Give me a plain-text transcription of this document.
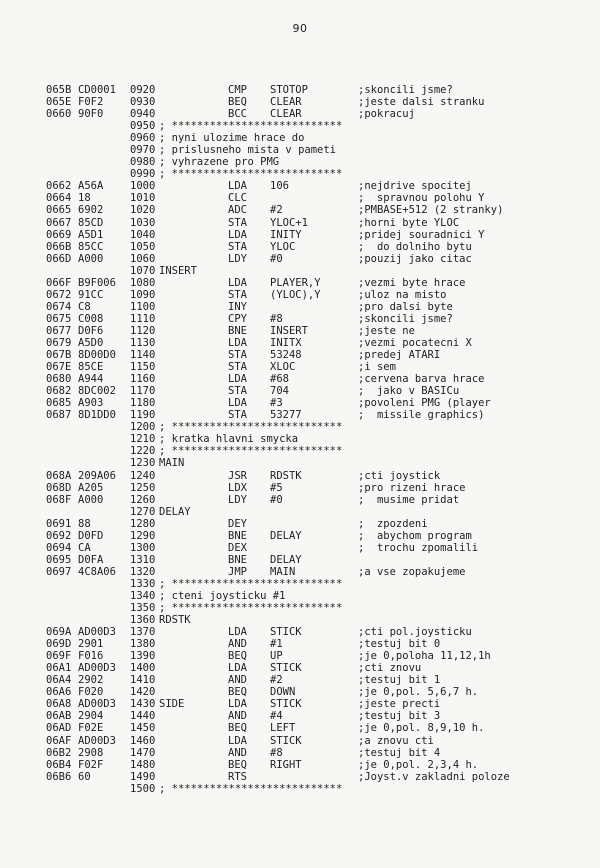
90
065B CD0001 0920	CMP STOTOP	;skoncili jsme?
065E F0F2	0930	BEQ CLEAR	;jeste dalsi stranku
0660 90F0	0940	BCC CLEAR	;pokracuj
0950 ; ***************************
0960 ; nyni ulozime hrace do
0970 ; prislusneho mista v pameti
0980 ; vyhrazene pro PMG
0990 ; ***************************
0662 A56A	1000	LDA 106	;nejdrive spocitej
0664 18	1010	CLC	;  spravnou polohu Y
0665 6902	1020	ADC #2	;PMBASE+512 (2 stranky)
0667 85CD	1030	STA YLOC+1	;horni byte YLOC
0669 A5D1	1040	LDA INITY	;pridej souradnici Y
066B 85CC	1050	STA YLOC	;  do dolniho bytu
066D A000	1060	LDY #0	;pouzij jako citac
1070 INSERT
066F B9F006 1080	LDA PLAYER,Y	;vezmi byte hrace
0672 91CC	1090	STA (YLOC),Y	;uloz na misto
0674 C8	1100	INY	;pro dalsi byte
0675 C008	1110	CPY #8	;skoncili jsme?
0677 D0F6	1120	BNE INSERT	;jeste ne
0679 A5D0	1130	LDA INITX	;vezmi pocatecni X
067B 8D00D0 1140	STA 53248	;predej ATARI
067E 85CE	1150	STA XLOC	;i sem
0680 A944	1160	LDA #68	;cervena barva hrace
0682 8DC002 1170	STA 704	;  jako v BASICu
0685 A903	1180	LDA #3	;povoleni PMG (player
0687 8D1DD0 1190	STA 53277	;  missile graphics)
1200 ; ***************************
1210 ; kratka hlavni smycka
1220 ; ***************************
1230 MAIN
068A 209A06 1240	JSR RDSTK	;cti joystick
068D A205	1250	LDX #5	;pro rizeni hrace
068F A000	1260	LDY #0	;  musime pridat
1270 DELAY
0691 88	1280	DEY	;  zpozdeni
0692 D0FD	1290	BNE DELAY	;  abychom program
0694 CA	1300	DEX	;  trochu zpomalili
0695 D0FA	1310	BNE DELAY
0697 4C8A06 1320	JMP MAIN	;a vse zopakujeme
1330 ; ***************************
1340 ; cteni joysticku #1
1350 ; ***************************
1360 RDSTK
069A AD00D3 1370	LDA STICK	;cti pol.joysticku
069D 2901	1380	AND #1	;testuj bit 0
069F F016	1390	BEQ UP	;je 0,poloha 11,12,1h
06A1 AD00D3 1400	LDA STICK	;cti znovu
06A4 2902	1410	AND #2	;testuj bit 1
06A6 F020	1420	BEQ DOWN	;je 0,pol. 5,6,7 h.
06A8 AD00D3 1430 SIDE	LDA STICK	;jeste precti
06AB 2904	1440	AND #4	;testuj bit 3
06AD F02E	1450	BEQ LEFT	;je 0,pol. 8,9,10 h.
06AF AD00D3 1460	LDA STICK	;a znovu cti
06B2 2908	1470	AND #8	;testuj bit 4
06B4 F02F	1480	BEQ RIGHT	;je 0,pol. 2,3,4 h.
06B6 60	1490	RTS	;Joyst.v zakladni poloze
1500 ; ***************************
